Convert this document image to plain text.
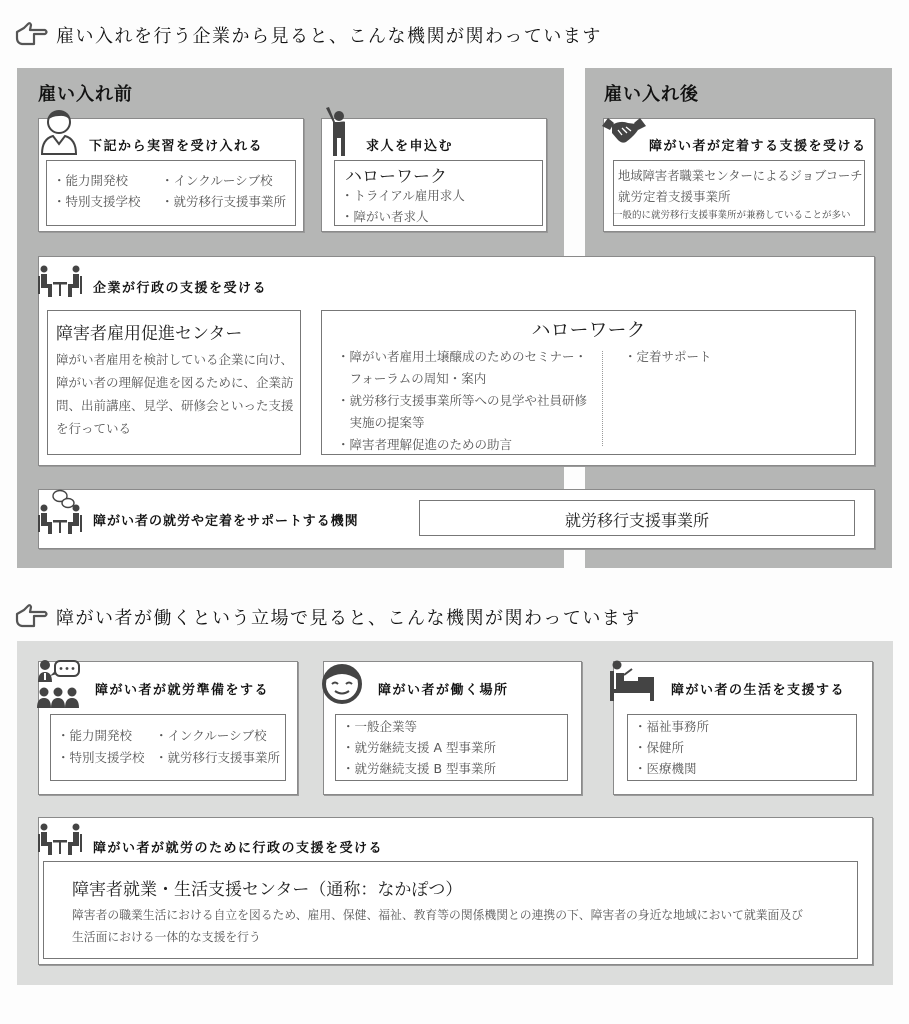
雇い入れを行う企業から見ると、こんな機関が関わっています
雇い入れ前	雇い入れ後
下記から実習を受け入れる
・能力開発校	・インクルーシブ校
・特別支援学校 ・就労移行支援事業所
求人を申込む
ハローワーク
・トライアル雇用求人
・障がい者求人
障がい者が定着する支援を受ける
地域障害者職業センターによるジョブコーチ
就労定着支援事業所
一般的に就労移行支援事業所が兼務していることが多い
企業が行政の支援を受ける
障害者雇用促進センター
障がい者雇用を検討している企業に向け、障がい者の理解促進を図るために、企業訪問、出前講座、見学、研修会といった支援を行っている
ハローワーク
・障がい者雇用土壌醸成のためのセミナー・
　フォーラムの周知・案内
・就労移行支援事業所等への見学や社員研修
　実施の提案等
・障害者理解促進のための助言
・定着サポート
障がい者の就労や定着をサポートする機関	就労移行支援事業所
障がい者が働くという立場で見ると、こんな機関が関わっています
障がい者が就労準備をする
・能力開発校 ・インクルーシブ校
・特別支援学校 ・就労移行支援事業所
障がい者が働く場所
・一般企業等
・就労継続支援 A 型事業所
・就労継続支援 B 型事業所
障がい者の生活を支援する
・福祉事務所
・保健所
・医療機関
障がい者が就労のために行政の支援を受ける
障害者就業・生活支援センター（通称：なかぽつ）
障害者の職業生活における自立を図るため、雇用、保健、福祉、教育等の関係機関との連携の下、障害者の身近な地域において就業面及び
生活面における一体的な支援を行う
